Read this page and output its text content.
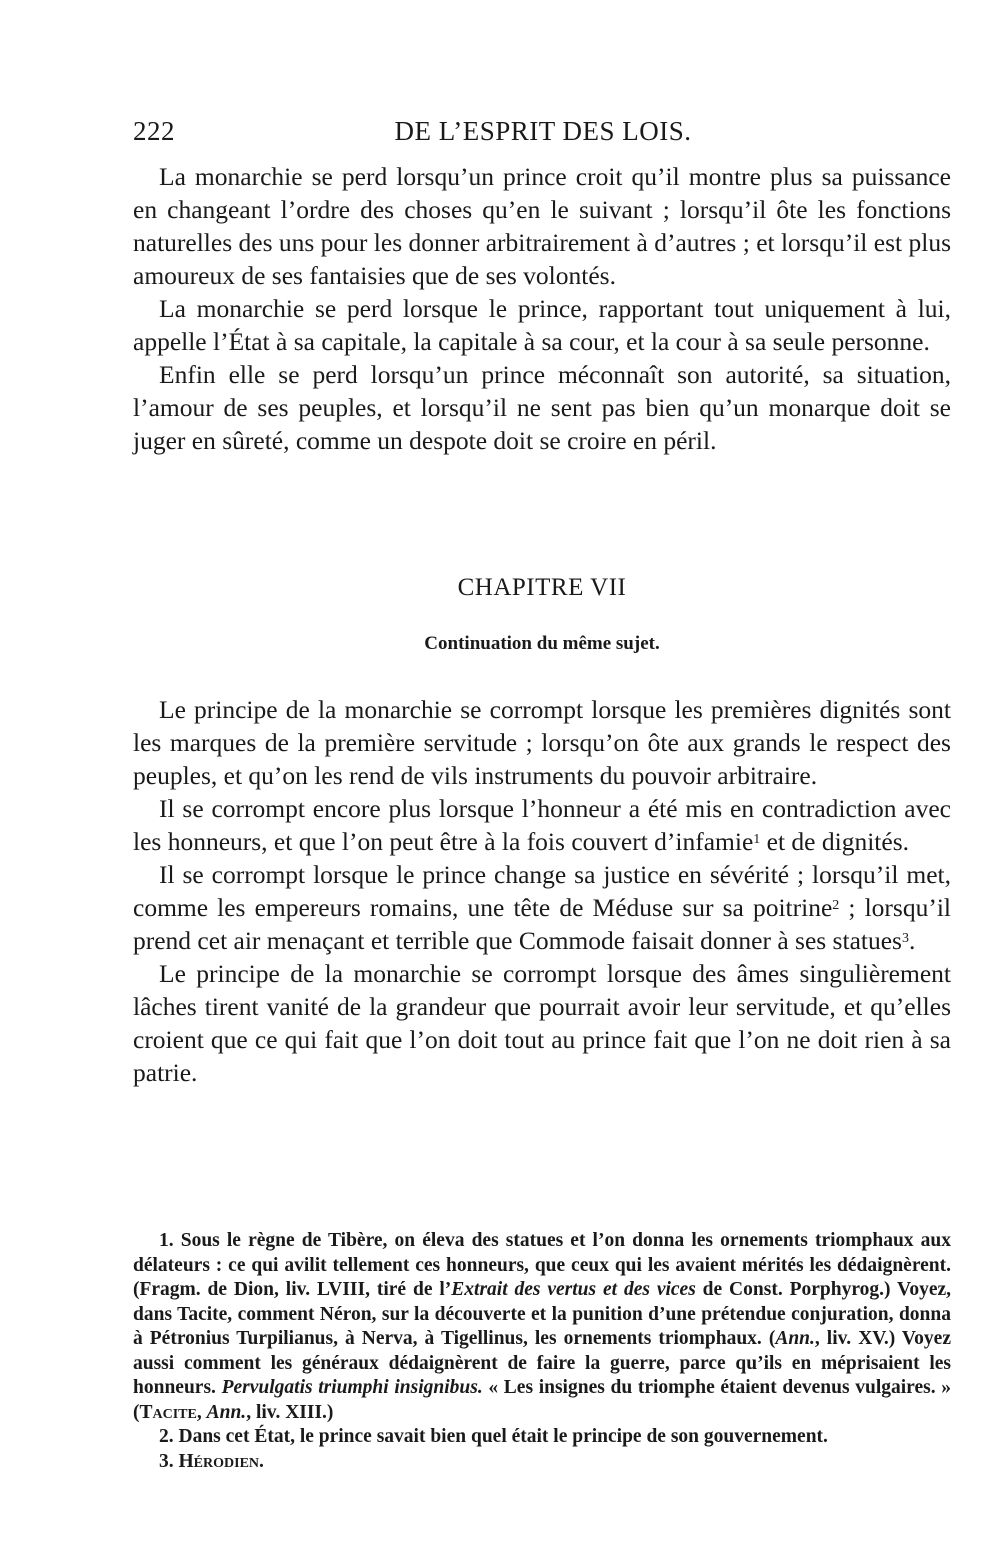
222	DE L’ESPRIT DES LOIS.

La monarchie se perd lorsqu’un prince croit qu’il montre plus sa puissance en changeant l’ordre des choses qu’en le suivant ; lorsqu’il ôte les fonctions naturelles des uns pour les donner arbitrairement à d’autres ; et lorsqu’il est plus amoureux de ses fantaisies que de ses volontés.

La monarchie se perd lorsque le prince, rapportant tout uniquement à lui, appelle l’État à sa capitale, la capitale à sa cour, et la cour à sa seule personne.

Enfin elle se perd lorsqu’un prince méconnaît son autorité, sa situation, l’amour de ses peuples, et lorsqu’il ne sent pas bien qu’un monarque doit se juger en sûreté, comme un despote doit se croire en péril.

CHAPITRE VII
Continuation du même sujet.

Le principe de la monarchie se corrompt lorsque les premières dignités sont les marques de la première servitude ; lorsqu’on ôte aux grands le respect des peuples, et qu’on les rend de vils instruments du pouvoir arbitraire.

Il se corrompt encore plus lorsque l’honneur a été mis en contradiction avec les honneurs, et que l’on peut être à la fois couvert d’infamie$^1$ et de dignités.

Il se corrompt lorsque le prince change sa justice en sévérité ; lorsqu’il met, comme les empereurs romains, une tête de Méduse sur sa poitrine$^2$ ; lorsqu’il prend cet air menaçant et terrible que Commode faisait donner à ses statues$^3$.

Le principe de la monarchie se corrompt lorsque des âmes singulièrement lâches tirent vanité de la grandeur que pourrait avoir leur servitude, et qu’elles croient que ce qui fait que l’on doit tout au prince fait que l’on ne doit rien à sa patrie.

1. Sous le règne de Tibère, on éleva des statues et l’on donna les ornements triomphaux aux délateurs : ce qui avilit tellement ces honneurs, que ceux qui les avaient mérités les dédaignèrent. (Fragm. de Dion, liv. LVIII, tiré de l’Extrait des vertus et des vices de Const. Porphyrog.) Voyez, dans Tacite, comment Néron, sur la découverte et la punition d’une prétendue conjuration, donna à Pétronius Turpilianus, à Nerva, à Tigellinus, les ornements triomphaux. (Ann., liv. XV.) Voyez aussi comment les généraux dédaignèrent de faire la guerre, parce qu’ils en méprisaient les honneurs. Pervulgatis triumphi insignibus. « Les insignes du triomphe étaient devenus vulgaires. » (Tacite, Ann., liv. XIII.)

2. Dans cet État, le prince savait bien quel était le principe de son gouvernement.

3. Hérodien.
